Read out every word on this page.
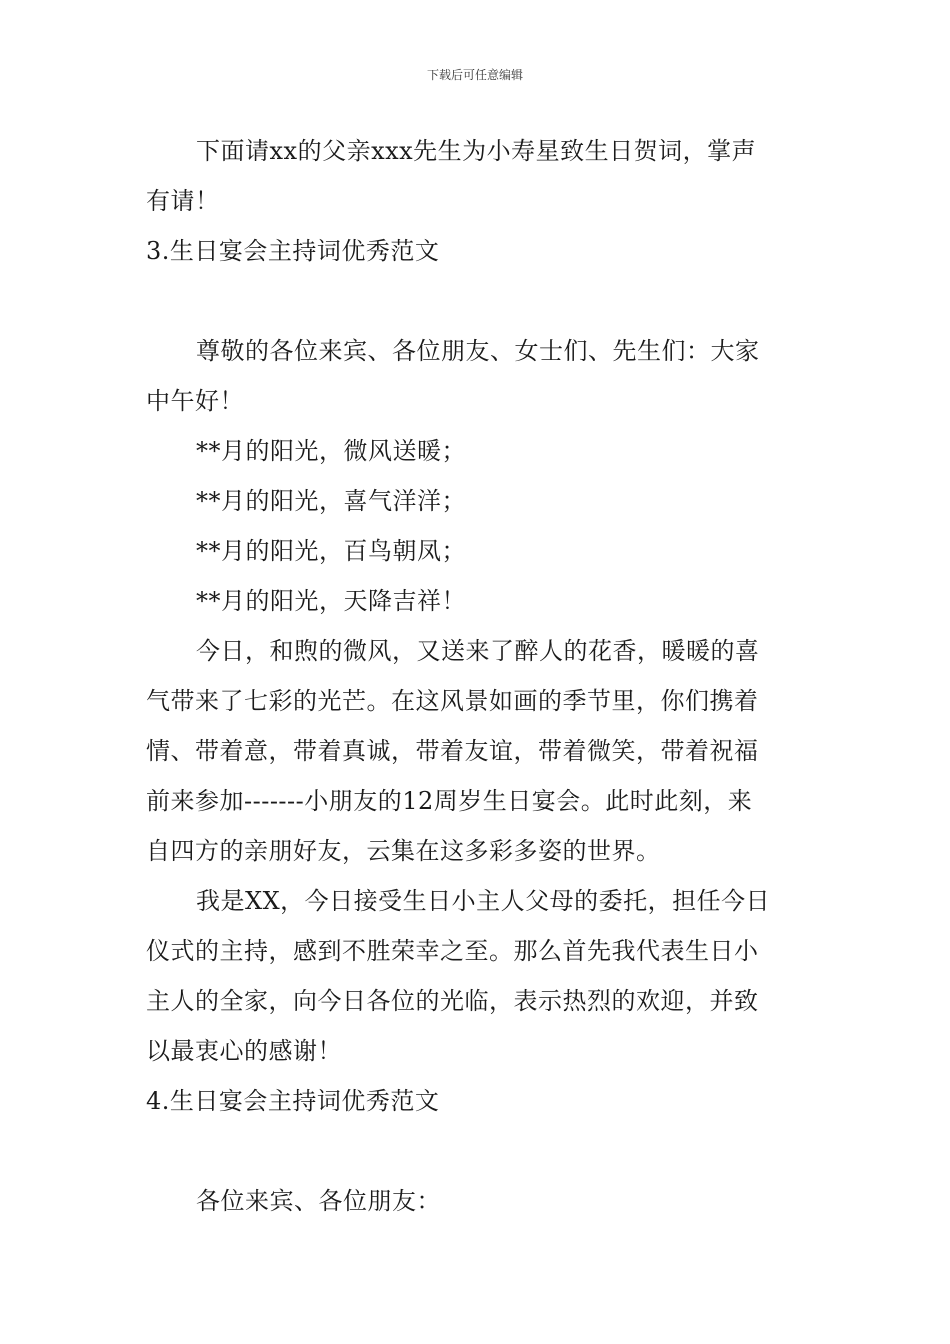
下载后可任意编辑
下面请xx的父亲xxx先生为小寿星致生日贺词，掌声
有请！
3.生日宴会主持词优秀范文
尊敬的各位来宾、各位朋友、女士们、先生们：大家
中午好！
**月的阳光，微风送暖；
**月的阳光，喜气洋洋；
**月的阳光，百鸟朝凤；
**月的阳光，天降吉祥！
今日，和煦的微风，又送来了醉人的花香，暖暖的喜
气带来了七彩的光芒。在这风景如画的季节里，你们携着
情、带着意，带着真诚，带着友谊，带着微笑，带着祝福
前来参加-------小朋友的12周岁生日宴会。此时此刻，来
自四方的亲朋好友，云集在这多彩多姿的世界。
我是XX，今日接受生日小主人父母的委托，担任今日
仪式的主持，感到不胜荣幸之至。那么首先我代表生日小
主人的全家，向今日各位的光临，表示热烈的欢迎，并致
以最衷心的感谢！
4.生日宴会主持词优秀范文
各位来宾、各位朋友：
